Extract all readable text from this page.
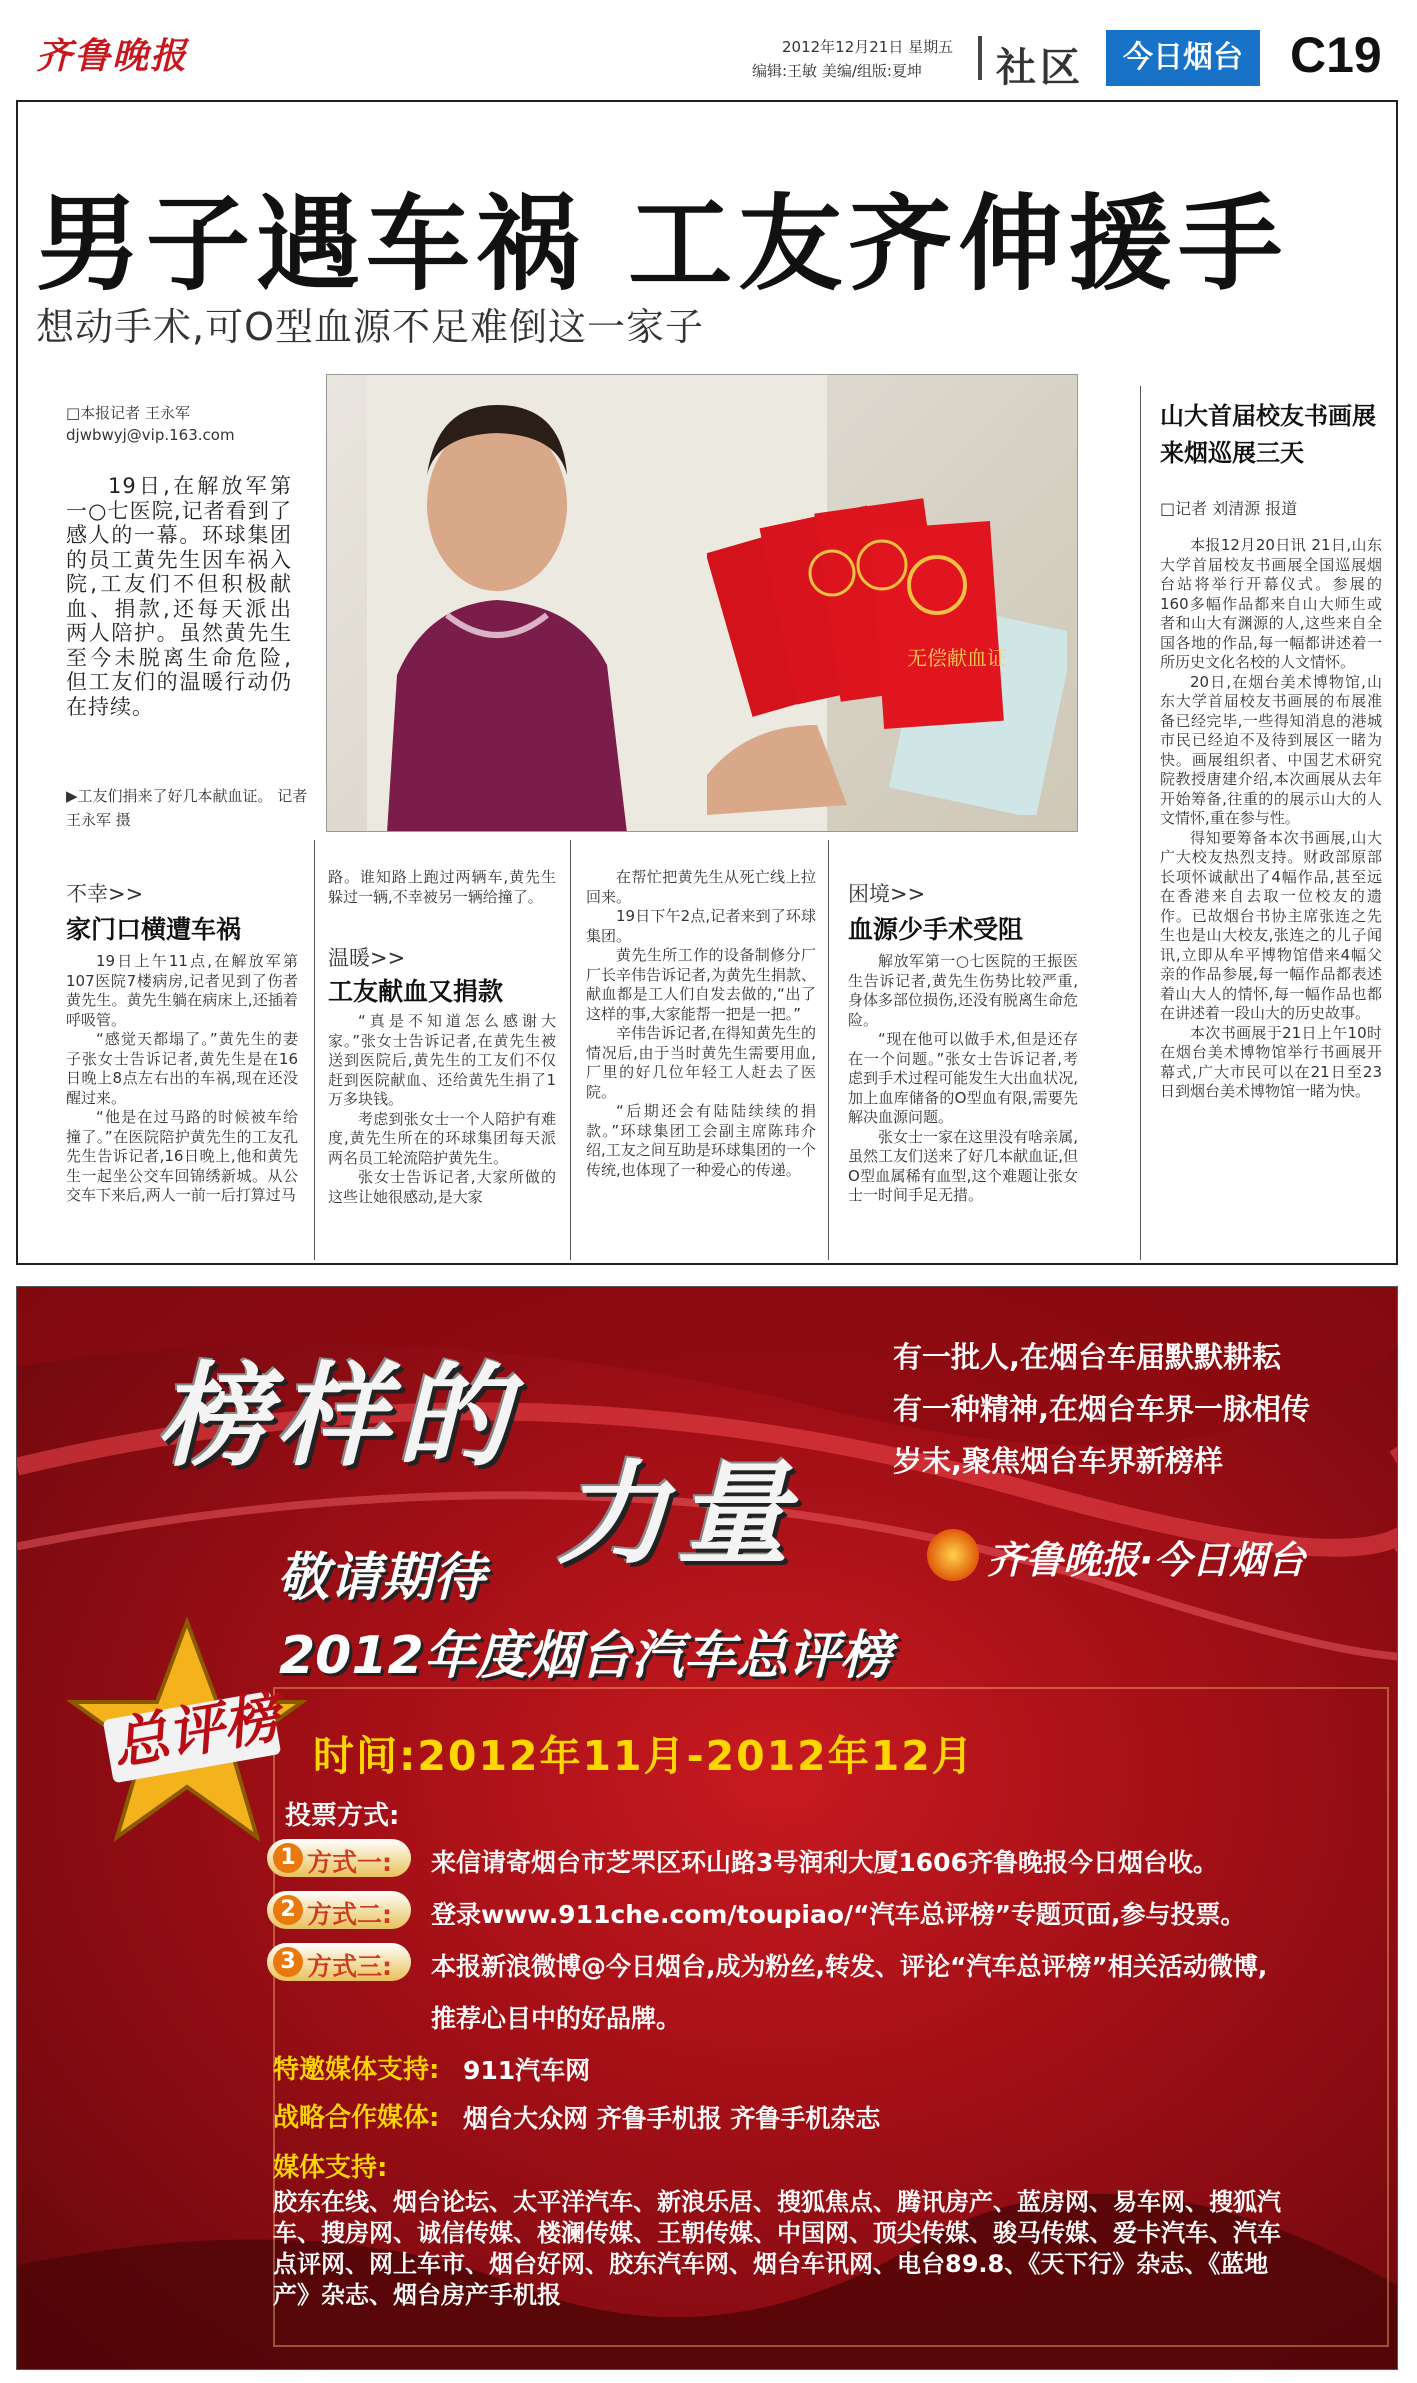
齐鲁晚报	2012年12月21日 星期五
编辑:王敏 美编/组版:夏坤 社区	今日烟台 C19
男子遇车祸 工友齐伸援手
想动手术,可O型血源不足难倒这一家子
□本报记者 王永军
djwbwyj@vip.163.com
19日,在解放军第一○七医院,记者看到了感人的一幕。环球集团的员工黄先生因车祸入院,工友们不但积极献血、捐款,还每天派出两人陪护。虽然黄先生至今未脱离生命危险,但工友们的温暖行动仍在持续。
无偿献血证
▶工友们捐来了好几本献血证。 记者 王永军 摄
不幸>>
家门口横遭车祸
19日上午11点,在解放军第107医院7楼病房,记者见到了伤者黄先生。黄先生躺在病床上,还插着呼吸管。
“感觉天都塌了。”黄先生的妻子张女士告诉记者,黄先生是在16日晚上8点左右出的车祸,现在还没醒过来。
“他是在过马路的时候被车给撞了。”在医院陪护黄先生的工友孔先生告诉记者,16日晚上,他和黄先生一起坐公交车回锦绣新城。从公交车下来后,两人一前一后打算过马
路。谁知路上跑过两辆车,黄先生躲过一辆,不幸被另一辆给撞了。
温暖>>
工友献血又捐款
“真是不知道怎么感谢大家。”张女士告诉记者,在黄先生被送到医院后,黄先生的工友们不仅赶到医院献血、还给黄先生捐了1万多块钱。
考虑到张女士一个人陪护有难度,黄先生所在的环球集团每天派两名员工轮流陪护黄先生。
张女士告诉记者,大家所做的这些让她很感动,是大家
在帮忙把黄先生从死亡线上拉回来。
19日下午2点,记者来到了环球集团。
黄先生所工作的设备制修分厂厂长辛伟告诉记者,为黄先生捐款、献血都是工人们自发去做的,“出了这样的事,大家能帮一把是一把。”
辛伟告诉记者,在得知黄先生的情况后,由于当时黄先生需要用血,厂里的好几位年轻工人赶去了医院。
“后期还会有陆陆续续的捐款。”环球集团工会副主席陈玮介绍,工友之间互助是环球集团的一个传统,也体现了一种爱心的传递。
困境>>
血源少手术受阻
解放军第一○七医院的王振医生告诉记者,黄先生伤势比较严重,身体多部位损伤,还没有脱离生命危险。
“现在他可以做手术,但是还存在一个问题。”张女士告诉记者,考虑到手术过程可能发生大出血状况,加上血库储备的O型血有限,需要先解决血源问题。
张女士一家在这里没有啥亲属,虽然工友们送来了好几本献血证,但O型血属稀有血型,这个难题让张女士一时间手足无措。
山大首届校友书画展来烟巡展三天
□记者 刘清源 报道
本报12月20日讯 21日,山东大学首届校友书画展全国巡展烟台站将举行开幕仪式。参展的160多幅作品都来自山大师生或者和山大有渊源的人,这些来自全国各地的作品,每一幅都讲述着一所历史文化名校的人文情怀。
20日,在烟台美术博物馆,山东大学首届校友书画展的布展准备已经完毕,一些得知消息的港城市民已经迫不及待到展区一睹为快。画展组织者、中国艺术研究院教授唐建介绍,本次画展从去年开始筹备,往重的的展示山大的人文情怀,重在参与性。
得知要筹备本次书画展,山大广大校友热烈支持。财政部原部长项怀诚献出了4幅作品,甚至远在香港来自去取一位校友的遗作。已故烟台书协主席张连之先生也是山大校友,张连之的儿子闻讯,立即从牟平博物馆借来4幅父亲的作品参展,每一幅作品都表述着山大人的情怀,每一幅作品也都在讲述着一段山大的历史故事。
本次书画展于21日上午10时在烟台美术博物馆举行书画展开幕式,广大市民可以在21日至23日到烟台美术博物馆一睹为快。
榜样的
力量
有一批人,在烟台车届默默耕耘
有一种精神,在烟台车界一脉相传
岁末,聚焦烟台车界新榜样
敬请期待
2012年度烟台汽车总评榜
齐鲁晚报·今日烟台
总评榜 时间:2012年11月-2012年12月
投票方式:
1 方式一: 来信请寄烟台市芝罘区环山路3号润利大厦1606齐鲁晚报今日烟台收。
2 方式二: 登录www.911che.com/toupiao/“汽车总评榜”专题页面,参与投票。
3 方式三: 本报新浪微博@今日烟台,成为粉丝,转发、评论“汽车总评榜”相关活动微博,
推荐心目中的好品牌。
特邀媒体支持: 911汽车网
战略合作媒体: 烟台大众网 齐鲁手机报 齐鲁手机杂志
媒体支持:
胶东在线、烟台论坛、太平洋汽车、新浪乐居、搜狐焦点、腾讯房产、蓝房网、易车网、搜狐汽车、搜房网、诚信传媒、楼澜传媒、王朝传媒、中国网、顶尖传媒、骏马传媒、爱卡汽车、汽车点评网、网上车市、烟台好网、胶东汽车网、烟台车讯网、电台89.8、《天下行》杂志、《蓝地产》杂志、烟台房产手机报
